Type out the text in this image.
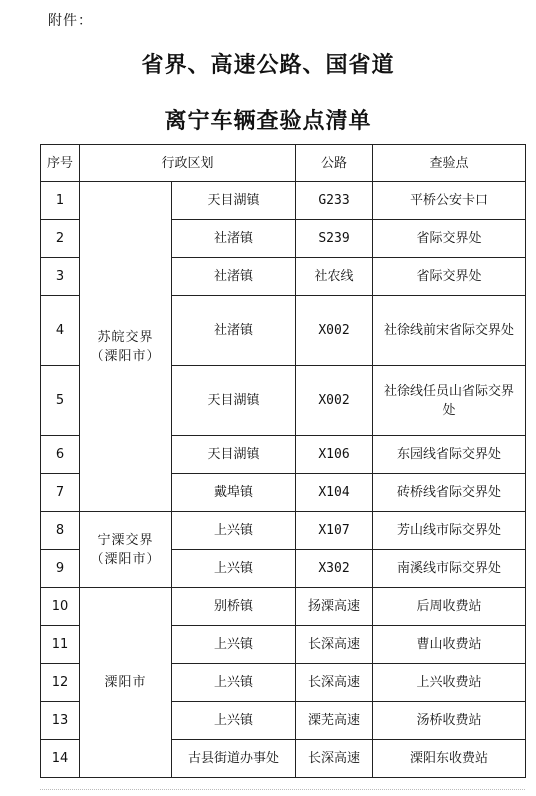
附件：
省界、高速公路、国省道
离宁车辆查验点清单
序号	行政区划		公路	查验点
1	苏皖交界（溧阳市）	天目湖镇	G233	平桥公安卡口
2		社渚镇	S239	省际交界处
3		社渚镇	社农线	省际交界处
4		社渚镇	X002	社徐线前宋省际交界处
5		天目湖镇	X002	社徐线任员山省际交界处
6		天目湖镇	X106	东园线省际交界处
7		戴埠镇	X104	砖桥线省际交界处
8	宁溧交界（溧阳市）	上兴镇	X107	芳山线市际交界处
9		上兴镇	X302	南溪线市际交界处
10	溧阳市	别桥镇	扬溧高速	后周收费站
11		上兴镇	长深高速	曹山收费站
12		上兴镇	长深高速	上兴收费站
13		上兴镇	溧芜高速	汤桥收费站
14		古县街道办事处	长深高速	溧阳东收费站
